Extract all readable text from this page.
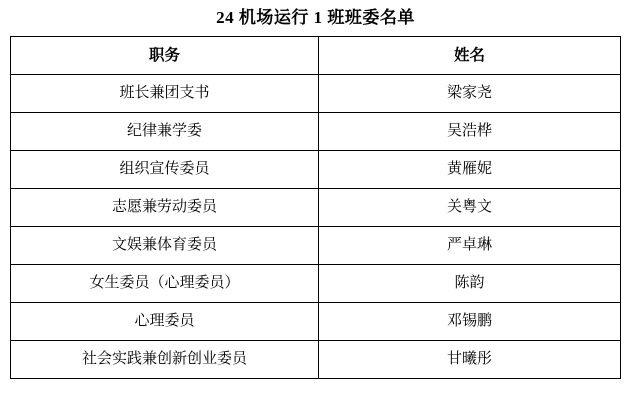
24 机场运行 1 班班委名单
职务	姓名
班长兼团支书	梁家尧
纪律兼学委	吴浩桦
组织宣传委员	黄雁妮
志愿兼劳动委员	关粤文
文娱兼体育委员	严卓琳
女生委员（心理委员）	陈韵
心理委员	邓锡鹏
社会实践兼创新创业委员	甘曦彤
